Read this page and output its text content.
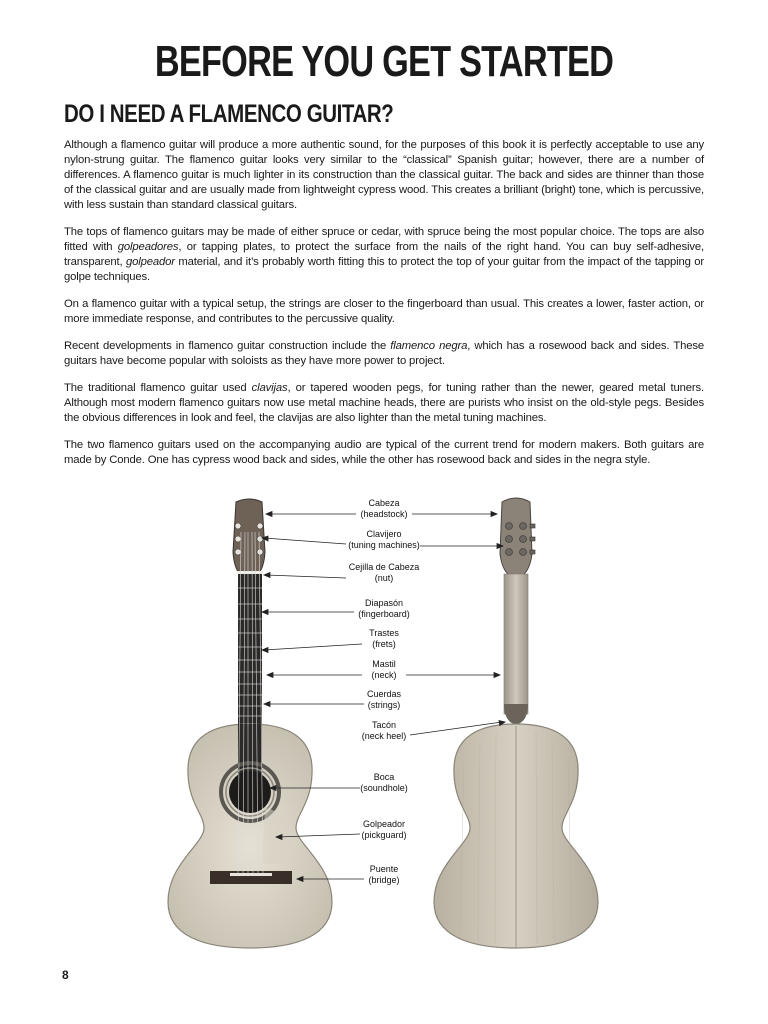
BEFORE YOU GET STARTED
DO I NEED A FLAMENCO GUITAR?

Although a flamenco guitar will produce a more authentic sound, for the purposes of this book it is perfectly acceptable to use any nylon-strung guitar. The flamenco guitar looks very similar to the “classical” Spanish guitar; however, there are a number of differences. A flamenco guitar is much lighter in its construction than the classical guitar. The back and sides are thinner than those of the classical guitar and are usually made from lightweight cypress wood. This creates a brilliant (bright) tone, which is percussive, with less sustain than standard classical guitars.

The tops of flamenco guitars may be made of either spruce or cedar, with spruce being the most popular choice. The tops are also fitted with golpeadores, or tapping plates, to protect the surface from the nails of the right hand. You can buy self-adhesive, transparent, golpeador material, and it’s probably worth fitting this to protect the top of your guitar from the impact of the tapping or golpe techniques.

On a flamenco guitar with a typical setup, the strings are closer to the fingerboard than usual. This creates a lower, faster action, or more immediate response, and contributes to the percussive quality.

Recent developments in flamenco guitar construction include the flamenco negra, which has a rosewood back and sides. These guitars have become popular with soloists as they have more power to project.

The traditional flamenco guitar used clavijas, or tapered wooden pegs, for tuning rather than the newer, geared metal tuners. Although most modern flamenco guitars now use metal machine heads, there are purists who insist on the old-style pegs. Besides the obvious differences in look and feel, the clavijas are also lighter than the metal tuning machines.

The two flamenco guitars used on the accompanying audio are typical of the current trend for modern makers. Both guitars are made by Conde. One has cypress wood back and sides, while the other has rosewood back and sides in the negra style.

Cabeza
(headstock)
Clavijero
(tuning machines)
Cejilla de Cabeza
(nut)
Diapasón
(fingerboard)
Trastes
(frets)
Mastil
(neck)
Cuerdas
(strings)
Tacón
(neck heel)
Boca
(soundhole)
Golpeador
(pickguard)
Puente
(bridge)
8
